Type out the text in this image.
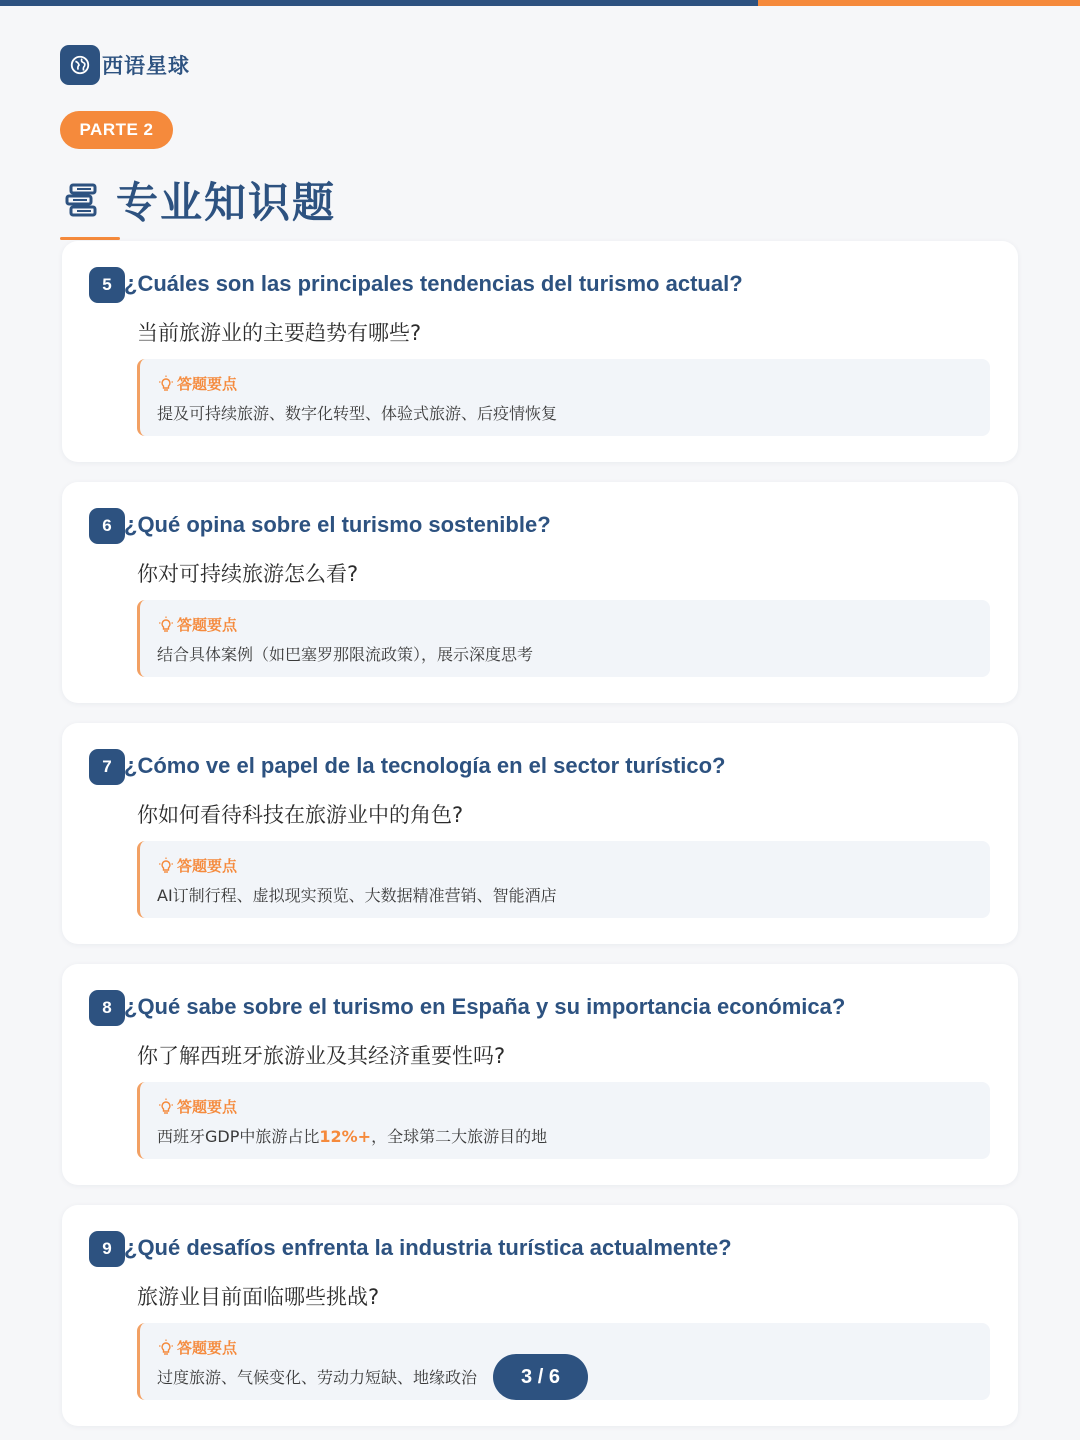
西语星球
PARTE 2
专业知识题
5 ¿Cuáles son las principales tendencias del turismo actual?
当前旅游业的主要趋势有哪些?
答题要点
提及可持续旅游、数字化转型、体验式旅游、后疫情恢复
6 ¿Qué opina sobre el turismo sostenible?
你对可持续旅游怎么看?
答题要点
结合具体案例（如巴塞罗那限流政策），展示深度思考
7 ¿Cómo ve el papel de la tecnología en el sector turístico?
你如何看待科技在旅游业中的角色?
答题要点
AI订制行程、虚拟现实预览、大数据精准营销、智能酒店
8 ¿Qué sabe sobre el turismo en España y su importancia económica?
你了解西班牙旅游业及其经济重要性吗?
答题要点
西班牙GDP中旅游占比12%+，全球第二大旅游目的地
9 ¿Qué desafíos enfrenta la industria turística actualmente?
旅游业目前面临哪些挑战?
答题要点
过度旅游、气候变化、劳动力短缺、地缘政治	3 / 6
